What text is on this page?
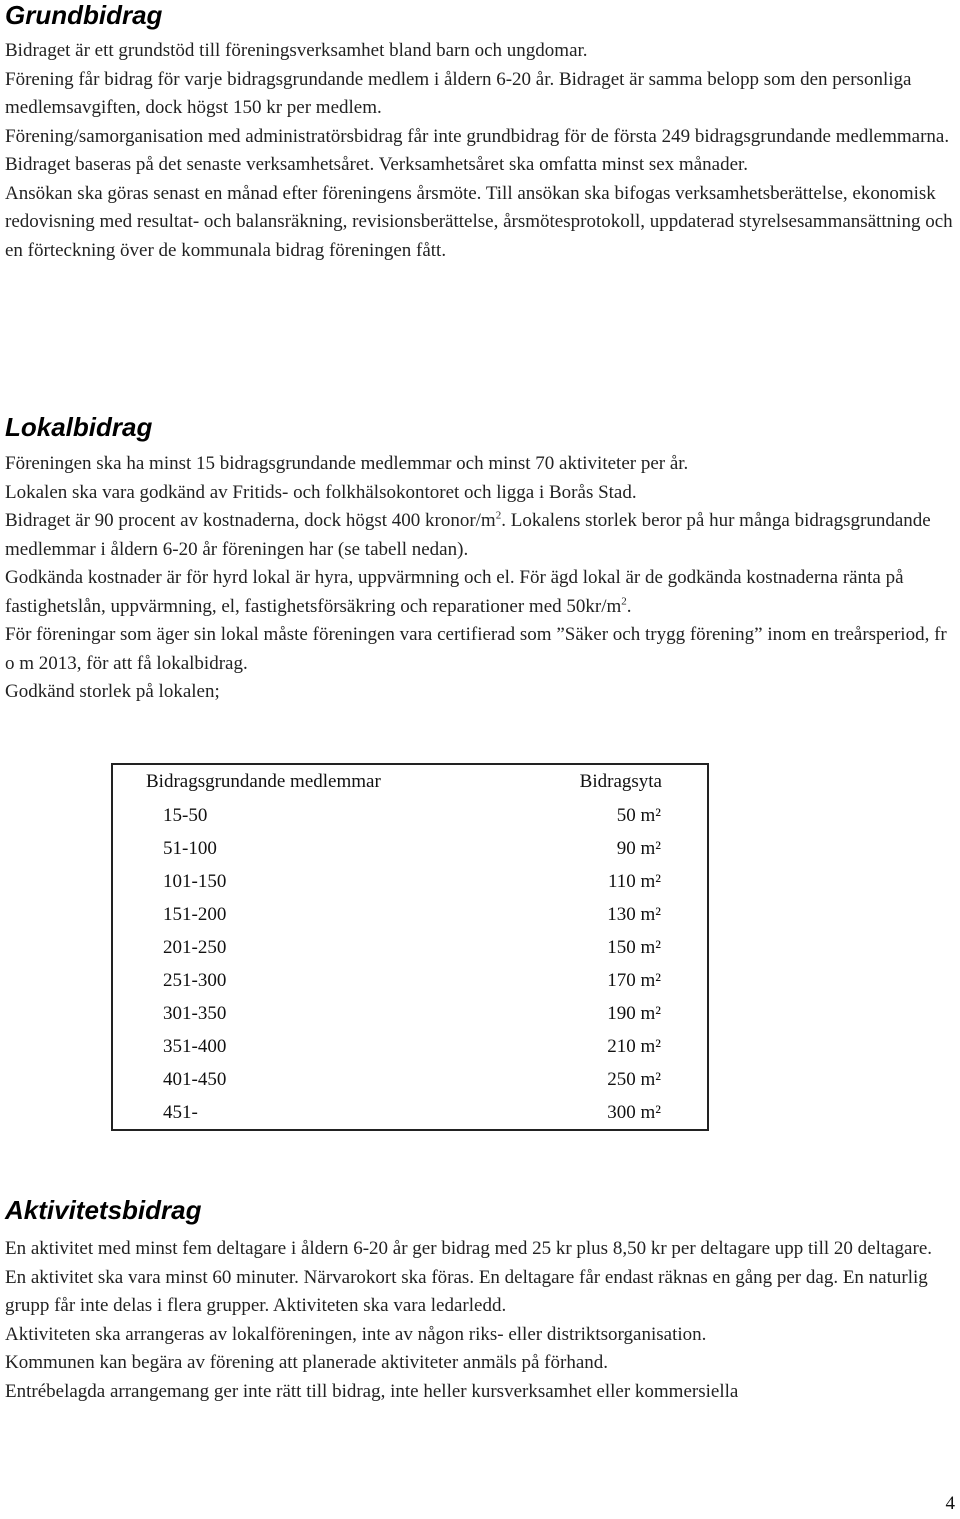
Grundbidrag

Bidraget är ett grundstöd till föreningsverksamhet bland barn och ungdomar.

Förening får bidrag för varje bidragsgrundande medlem i åldern 6-20 år. Bidraget är samma belopp som den personliga medlemsavgiften, dock högst 150 kr per medlem.

Förening/samorganisation med administratörsbidrag får inte grundbidrag för de första 249 bidragsgrundande medlemmarna.

Bidraget baseras på det senaste verksamhetsåret. Verksamhetsåret ska omfatta minst sex månader.

Ansökan ska göras senast en månad efter föreningens årsmöte. Till ansökan ska bifogas verksamhetsberättelse, ekonomisk redovisning med resultat- och balansräkning, revisionsberättelse, årsmötesprotokoll, uppdaterad styrelsesammansättning och en förteckning över de kommunala bidrag föreningen fått.

Lokalbidrag

Föreningen ska ha minst 15 bidragsgrundande medlemmar och minst 70 aktiviteter per år.

Lokalen ska vara godkänd av Fritids- och folkhälsokontoret och ligga i Borås Stad.

Bidraget är 90 procent av kostnaderna, dock högst 400 kronor/$m^2$. Lokalens storlek beror på hur många bidragsgrundande medlemmar i åldern 6-20 år föreningen har (se tabell nedan).

Godkända kostnader är för hyrd lokal är hyra, uppvärmning och el. För ägd lokal är de godkända kostnaderna ränta på fastighetslån, uppvärmning, el, fastighetsförsäkring och reparationer med $50kr/m^2$.

För föreningar som äger sin lokal måste föreningen vara certifierad som ”Säker och trygg förening” inom en treårsperiod, fr o m 2013, för att få lokalbidrag.

Godkänd storlek på lokalen;

Bidragsgrundande medlemmar	Bidragsyta
15-50	50 m²
51-100	90 m²
101-150	110 m²
151-200	130 m²
201-250	150 m²
251-300	170 m²
301-350	190 m²
351-400	210 m²
401-450	250 m²
451-	300 m²
Aktivitetsbidrag

En aktivitet med minst fem deltagare i åldern 6-20 år ger bidrag med 25 kr plus 8,50 kr per deltagare upp till 20 deltagare.

En aktivitet ska vara minst 60 minuter. Närvarokort ska föras. En deltagare får endast räknas en gång per dag. En naturlig grupp får inte delas i flera grupper. Aktiviteten ska vara ledarledd.

Aktiviteten ska arrangeras av lokalföreningen, inte av någon riks- eller distriktsorganisation.

Kommunen kan begära av förening att planerade aktiviteter anmäls på förhand.

Entrébelagda arrangemang ger inte rätt till bidrag, inte heller kursverksamhet eller kommersiella

4
